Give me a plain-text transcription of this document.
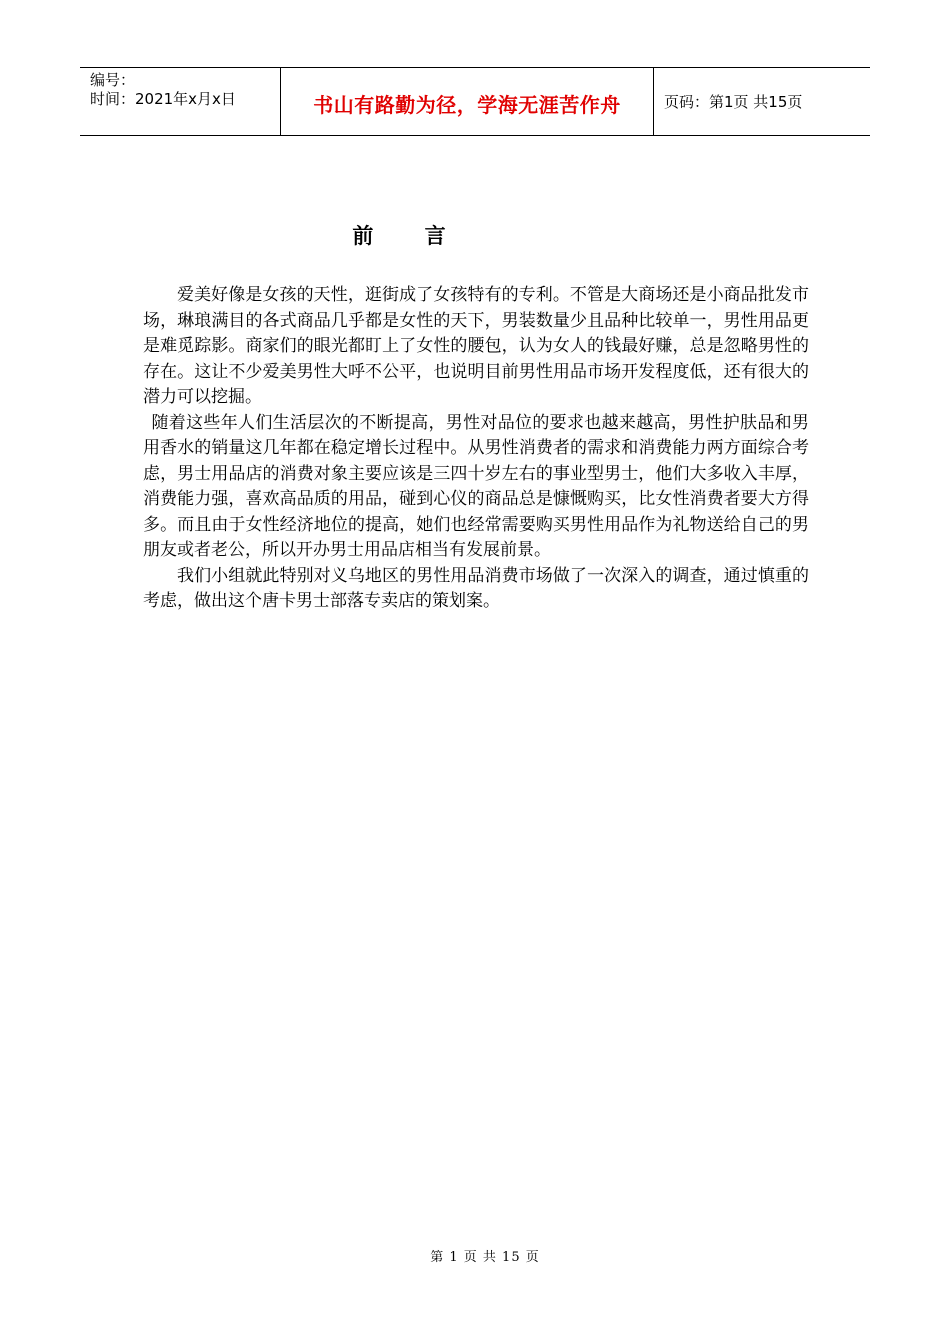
编号：
时间：2021年x月x日	书山有路勤为径，学海无涯苦作舟	页码：第1页 共15页
前 言

爱美好像是女孩的天性，逛街成了女孩特有的专利。不管是大商场还是小商品批发市场，琳琅满目的各式商品几乎都是女性的天下，男装数量少且品种比较单一，男性用品更是难觅踪影。商家们的眼光都盯上了女性的腰包，认为女人的钱最好赚，总是忽略男性的存在。这让不少爱美男性大呼不公平，也说明目前男性用品市场开发程度低，还有很大的潜力可以挖掘。

随着这些年人们生活层次的不断提高，男性对品位的要求也越来越高，男性护肤品和男用香水的销量这几年都在稳定增长过程中。从男性消费者的需求和消费能力两方面综合考虑，男士用品店的消费对象主要应该是三四十岁左右的事业型男士，他们大多收入丰厚，消费能力强，喜欢高品质的用品，碰到心仪的商品总是慷慨购买，比女性消费者要大方得多。而且由于女性经济地位的提高，她们也经常需要购买男性用品作为礼物送给自己的男朋友或者老公，所以开办男士用品店相当有发展前景。

我们小组就此特别对义乌地区的男性用品消费市场做了一次深入的调查，通过慎重的考虑，做出这个唐卡男士部落专卖店的策划案。

第 1 页 共 15 页
